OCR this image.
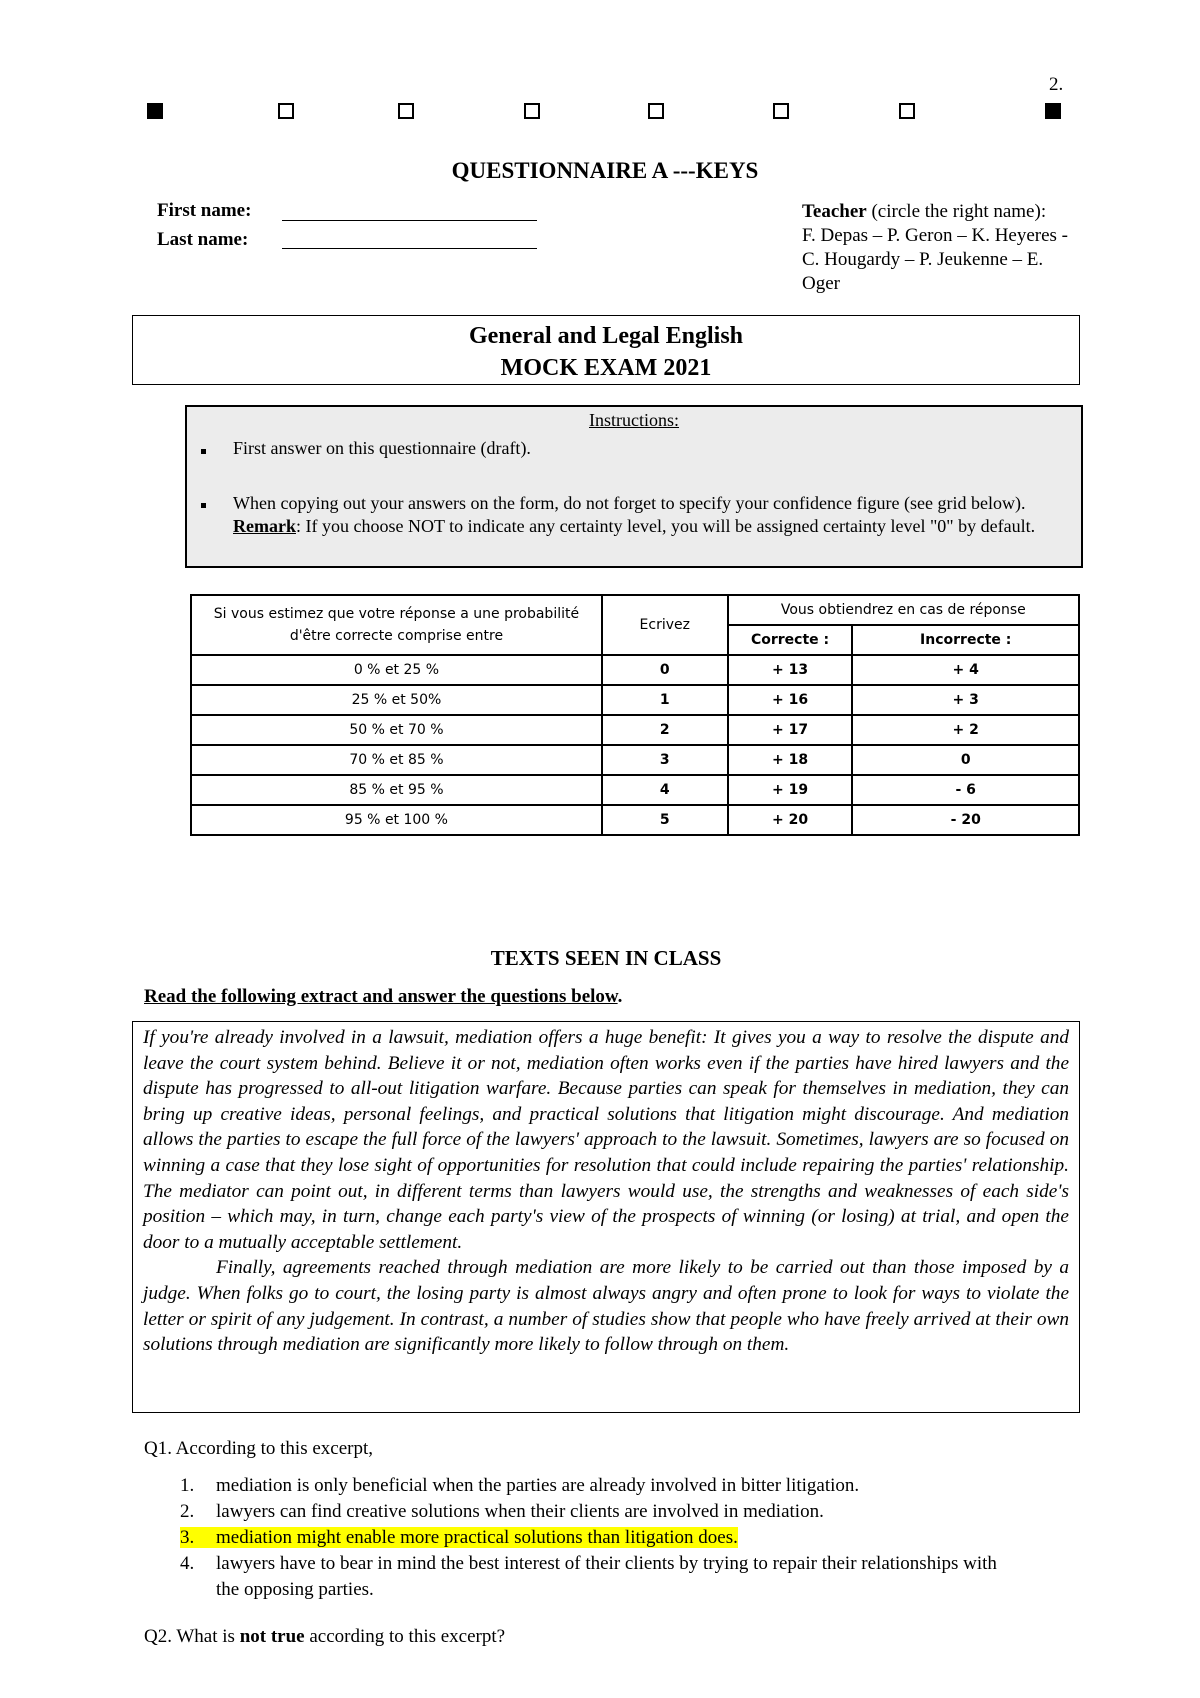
2.
QUESTIONNAIRE A ---KEYS
First name:
Last name:
Teacher (circle the right name):
F. Depas – P. Geron – K. Heyeres -
C. Hougardy – P. Jeukenne – E.
Oger
General and Legal English
MOCK EXAM 2021
Instructions:
First answer on this questionnaire (draft).
When copying out your answers on the form, do not forget to specify your confidence figure (see grid below). Remark: If you choose NOT to indicate any certainty level, you will be assigned certainty level "0" by default.
Si vous estimez que votre réponse a une probabilité d'être correcte comprise entre	Ecrivez	Vous obtiendrez en cas de réponse	
		Correcte :	Incorrecte :
0 % et 25 %	0	+ 13	+ 4
25 % et 50%	1	+ 16	+ 3
50 % et 70 %	2	+ 17	+ 2
70 % et 85 %	3	+ 18	0
85 % et 95 %	4	+ 19	- 6
95 % et 100 %	5	+ 20	- 20
TEXTS SEEN IN CLASS
Read the following extract and answer the questions below.

If you're already involved in a lawsuit, mediation offers a huge benefit: It gives you a way to resolve the dispute and leave the court system behind. Believe it or not, mediation often works even if the parties have hired lawyers and the dispute has progressed to all-out litigation warfare. Because parties can speak for themselves in mediation, they can bring up creative ideas, personal feelings, and practical solutions that litigation might discourage. And mediation allows the parties to escape the full force of the lawyers' approach to the lawsuit. Sometimes, lawyers are so focused on winning a case that they lose sight of opportunities for resolution that could include repairing the parties' relationship. The mediator can point out, in different terms than lawyers would use, the strengths and weaknesses of each side's position – which may, in turn, change each party's view of the prospects of winning (or losing) at trial, and open the door to a mutually acceptable settlement.

Finally, agreements reached through mediation are more likely to be carried out than those imposed by a judge. When folks go to court, the losing party is almost always angry and often prone to look for ways to violate the letter or spirit of any judgement. In contrast, a number of studies show that people who have freely arrived at their own solutions through mediation are significantly more likely to follow through on them.

Q1. According to this excerpt,
1. mediation is only beneficial when the parties are already involved in bitter litigation.
2. lawyers can find creative solutions when their clients are involved in mediation.
3. mediation might enable more practical solutions than litigation does.
4. lawyers have to bear in mind the best interest of their clients by trying to repair their relationships with the opposing parties.
Q2. What is not true according to this excerpt?
